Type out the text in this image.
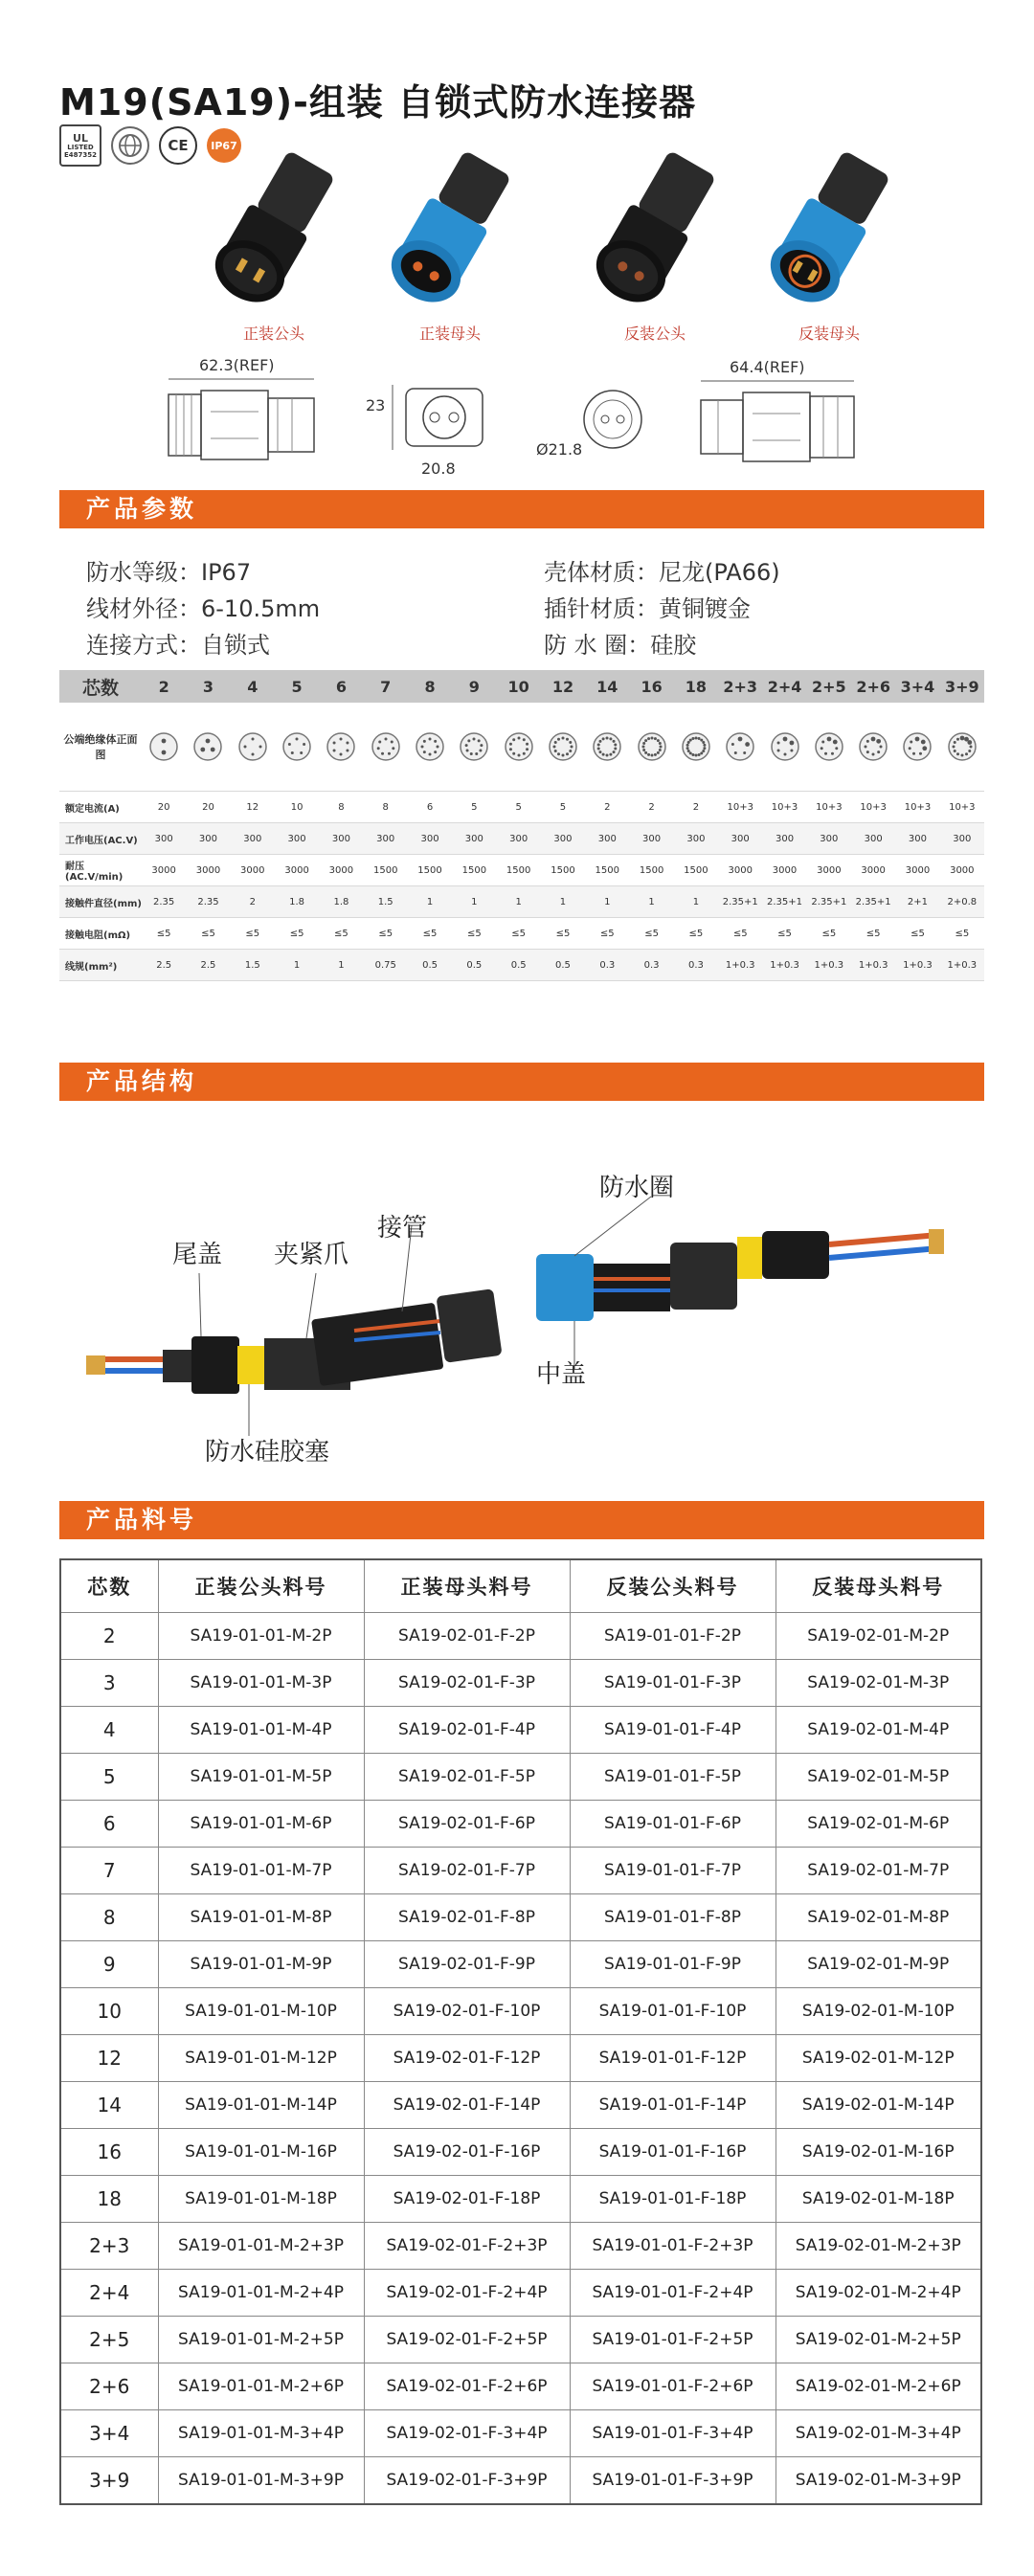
M19(SA19)-组装 自锁式防水连接器
UL
LISTED
E487352
CE	IP67
正装公头	正装母头	反装公头	反装母头
62.3(REF)
23
20.8
Ø21.8
64.4(REF)
产品参数
防水等级：IP67
线材外径：6-10.5mm
连接方式：自锁式
壳体材质：尼龙(PA66)
插针材质：黄铜镀金
防 水 圈：硅胶
芯数	2	3	4	5	6	7	8	9	10	12	14	16	18	2+3	2+4	2+5	2+6	3+4	3+9
公端绝缘体正面图	

额定电流(A)	20	20	12	10	8	8	6	5	5	5	2	2	2	10+3	10+3	10+3	10+3	10+3	10+3
工作电压(AC.V)	300	300	300	300	300	300	300	300	300	300	300	300	300	300	300	300	300	300	300
耐压(AC.V/min)	3000	3000	3000	3000	3000	1500	1500	1500	1500	1500	1500	1500	1500	3000	3000	3000	3000	3000	3000
接触件直径(mm)	2.35	2.35	2	1.8	1.8	1.5	1	1	1	1	1	1	1	2.35+1	2.35+1	2.35+1	2.35+1	2+1	2+0.8
接触电阻(mΩ)	≤5	≤5	≤5	≤5	≤5	≤5	≤5	≤5	≤5	≤5	≤5	≤5	≤5	≤5	≤5	≤5	≤5	≤5	≤5
线规(mm²)	2.5	2.5	1.5	1	1	0.75	0.5	0.5	0.5	0.5	0.3	0.3	0.3	1+0.3	1+0.3	1+0.3	1+0.3	1+0.3	1+0.3
产品结构
尾盖 夹紧爪
接管
防水圈
中盖
防水硅胶塞
产品料号
芯数	正装公头料号	正装母头料号	反装公头料号	反装母头料号
2	SA19-01-01-M-2P	SA19-02-01-F-2P	SA19-01-01-F-2P	SA19-02-01-M-2P
3	SA19-01-01-M-3P	SA19-02-01-F-3P	SA19-01-01-F-3P	SA19-02-01-M-3P
4	SA19-01-01-M-4P	SA19-02-01-F-4P	SA19-01-01-F-4P	SA19-02-01-M-4P
5	SA19-01-01-M-5P	SA19-02-01-F-5P	SA19-01-01-F-5P	SA19-02-01-M-5P
6	SA19-01-01-M-6P	SA19-02-01-F-6P	SA19-01-01-F-6P	SA19-02-01-M-6P
7	SA19-01-01-M-7P	SA19-02-01-F-7P	SA19-01-01-F-7P	SA19-02-01-M-7P
8	SA19-01-01-M-8P	SA19-02-01-F-8P	SA19-01-01-F-8P	SA19-02-01-M-8P
9	SA19-01-01-M-9P	SA19-02-01-F-9P	SA19-01-01-F-9P	SA19-02-01-M-9P
10	SA19-01-01-M-10P	SA19-02-01-F-10P	SA19-01-01-F-10P	SA19-02-01-M-10P
12	SA19-01-01-M-12P	SA19-02-01-F-12P	SA19-01-01-F-12P	SA19-02-01-M-12P
14	SA19-01-01-M-14P	SA19-02-01-F-14P	SA19-01-01-F-14P	SA19-02-01-M-14P
16	SA19-01-01-M-16P	SA19-02-01-F-16P	SA19-01-01-F-16P	SA19-02-01-M-16P
18	SA19-01-01-M-18P	SA19-02-01-F-18P	SA19-01-01-F-18P	SA19-02-01-M-18P
2+3	SA19-01-01-M-2+3P	SA19-02-01-F-2+3P	SA19-01-01-F-2+3P	SA19-02-01-M-2+3P
2+4	SA19-01-01-M-2+4P	SA19-02-01-F-2+4P	SA19-01-01-F-2+4P	SA19-02-01-M-2+4P
2+5	SA19-01-01-M-2+5P	SA19-02-01-F-2+5P	SA19-01-01-F-2+5P	SA19-02-01-M-2+5P
2+6	SA19-01-01-M-2+6P	SA19-02-01-F-2+6P	SA19-01-01-F-2+6P	SA19-02-01-M-2+6P
3+4	SA19-01-01-M-3+4P	SA19-02-01-F-3+4P	SA19-01-01-F-3+4P	SA19-02-01-M-3+4P
3+9	SA19-01-01-M-3+9P	SA19-02-01-F-3+9P	SA19-01-01-F-3+9P	SA19-02-01-M-3+9P
